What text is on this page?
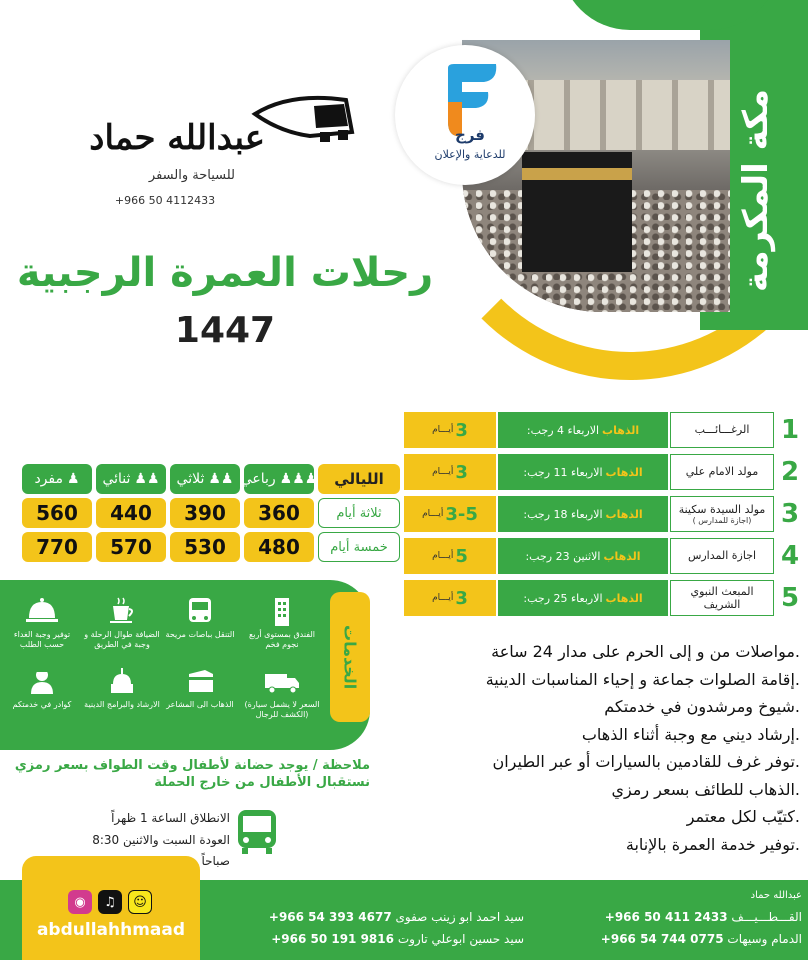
مكة المكرمة
فرج
للدعاية والإعلان
عبدالله حماد
للسياحة والسفر
+966 50 4112433
رحلات العمرة الرجبية
1447
1
الرغـــائـــب
:الاربعاء 4 رجب الذهاب
أيـــام 3
2
مولد الامام علي
:الاربعاء 11 رجب الذهاب
أيـــام 3
3
مولد السيدة سكينة
( اجازة للمدارس)
:الاربعاء 18 رجب الذهاب
أيـــام 3-5
4
اجازة المدارس
:الاثنين 23 رجب الذهاب
أيـــام 5
5
المبعث النبوي الشريف
:الاربعاء 25 رجب الذهاب
أيـــام 3
الليالي
رباعي ♟♟♟
ثلاثي ♟♟
ثنائي ♟♟
مفرد ♟
ثلاثة أيام
360
390
440
560
خمسة أيام
480
530
570
770
الخدمات
الفندق بمستوى أربع نجوم فخم
التنقل بباصات مريحة
الضيافة طوال الرحلة و وجبة في الطريق
توفير وجبة الغداء حسب الطلب
(السعر لا يشمل سيارة الكشف للرجال)
الذهاب الى المشاعر
الارشاد والبرامج الدينية
كوادر في خدمتكم
ملاحظة / يوجد حضانة لأطفال وقت الطواف بسعر رمزي نستقبال الأطفال من خارج الحملة
الانطلاق الساعة 1 ظهراً
العودة السبت والاثنين 8:30 صباحاً
مواصلات من و إلى الحرم على مدار 24 ساعة.
إقامة الصلوات جماعة و إحياء المناسبات الدينية.
شيوخ ومرشدون في خدمتكم.
إرشاد ديني مع وجبة أثناء الذهاب.
توفر غرف للقادمين بالسيارات أو عبر الطيران.
الذهاب للطائف بسعر رمزي.
كتيّب لكل معتمر.
توفير خدمة العمرة بالإنابة.
◉	♫	☺
abdullahhmaad
عبدالله حماد
+966 50 411 2433 القـــطـــيـــف
+966 54 744 0775 الدمام وسيهات
+966 54 393 4677 سيد احمد ابو زينب صفوى
+966 50 191 9816 سيد حسين ابوعلي تاروت
